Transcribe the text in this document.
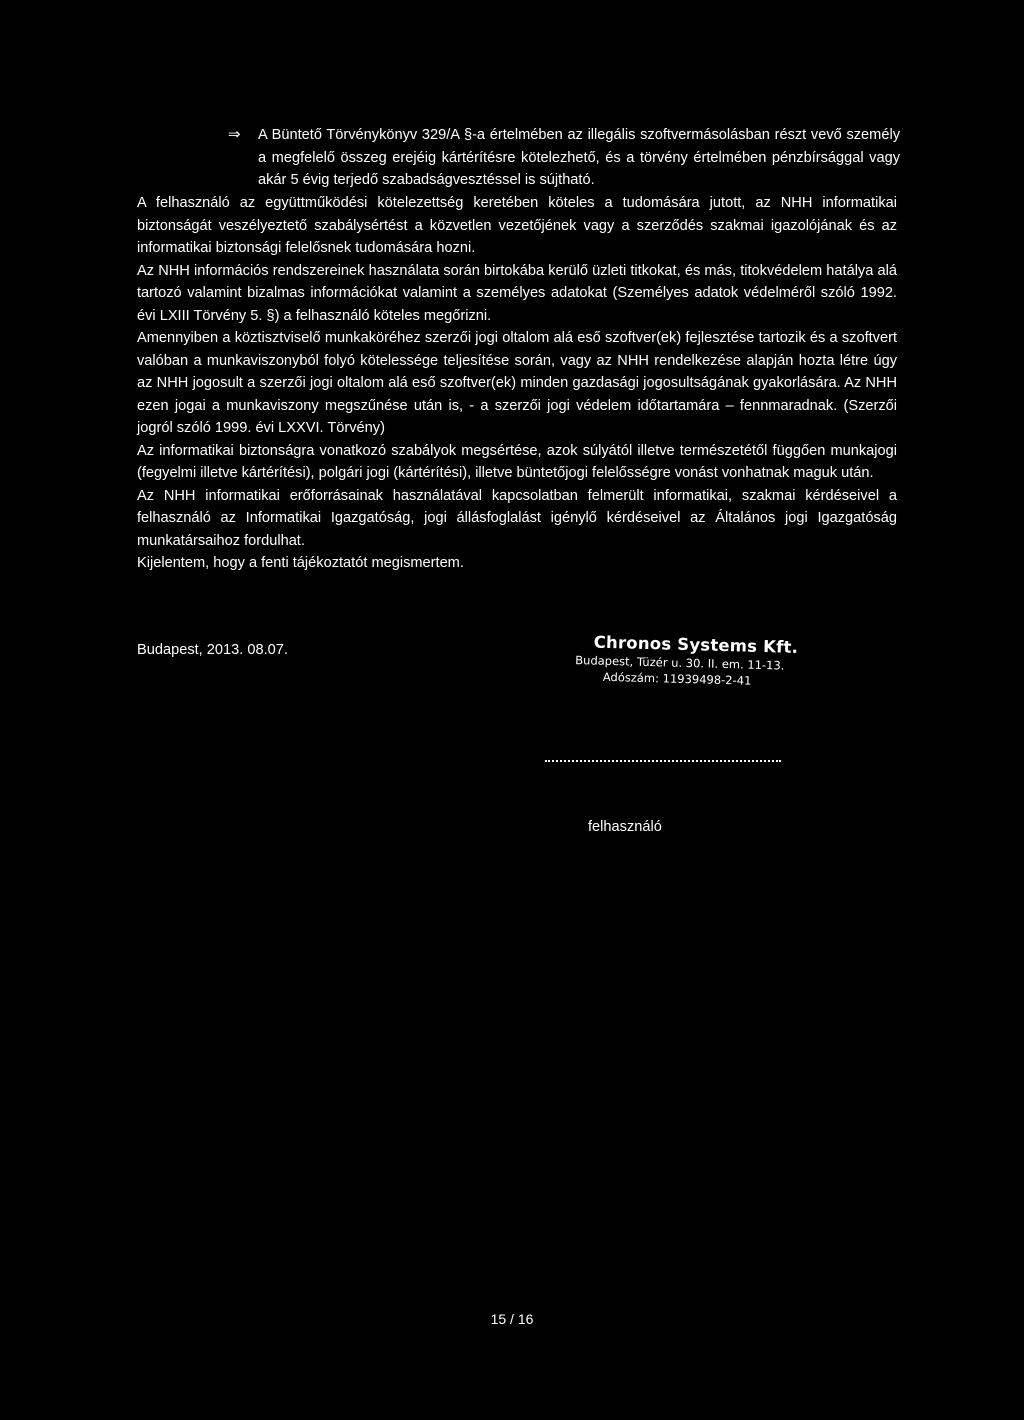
⇒	A Büntető Törvénykönyv 329/A §-a értelmében az illegális szoftvermásolásban részt vevő személy a megfelelő összeg erejéig kártérítésre kötelezhető, és a törvény értelmében pénzbírsággal vagy akár 5 évig terjedő szabadságvesztéssel is sújtható.

A felhasználó az együttműködési kötelezettség keretében köteles a tudomására jutott, az NHH informatikai biztonságát veszélyeztető szabálysértést a közvetlen vezetőjének vagy a szerződés szakmai igazolójának és az informatikai biztonsági felelősnek tudomására hozni.

Az NHH információs rendszereinek használata során birtokába kerülő üzleti titkokat, és más, titokvédelem hatálya alá tartozó valamint bizalmas információkat valamint a személyes adatokat (Személyes adatok védelméről szóló 1992. évi LXIII Törvény 5. §) a felhasználó köteles megőrizni.

Amennyiben a köztisztviselő munkaköréhez szerzői jogi oltalom alá eső szoftver(ek) fejlesztése tartozik és a szoftvert valóban a munkaviszonyból folyó kötelessége teljesítése során, vagy az NHH rendelkezése alapján hozta létre úgy az NHH jogosult a szerzői jogi oltalom alá eső szoftver(ek) minden gazdasági jogosultságának gyakorlására. Az NHH ezen jogai a munkaviszony megszűnése után is, - a szerzői jogi védelem időtartamára – fennmaradnak. (Szerzői jogról szóló 1999. évi LXXVI. Törvény)

Az informatikai biztonságra vonatkozó szabályok megsértése, azok súlyától illetve természetétől függően munkajogi (fegyelmi illetve kártérítési), polgári jogi (kártérítési), illetve büntetőjogi felelősségre vonást vonhatnak maguk után.

Az NHH informatikai erőforrásainak használatával kapcsolatban felmerült informatikai, szakmai kérdéseivel a felhasználó az Informatikai Igazgatóság, jogi állásfoglalást igénylő kérdéseivel az Általános jogi Igazgatóság munkatársaihoz fordulhat.

Kijelentem, hogy a fenti tájékoztatót megismertem.

Budapest, 2013. 08.07.	Chronos Systems Kft.
Budapest, Tüzér u. 30. II. em. 11-13.
Adószám: 11939498-2-41
felhasználó
15 / 16
